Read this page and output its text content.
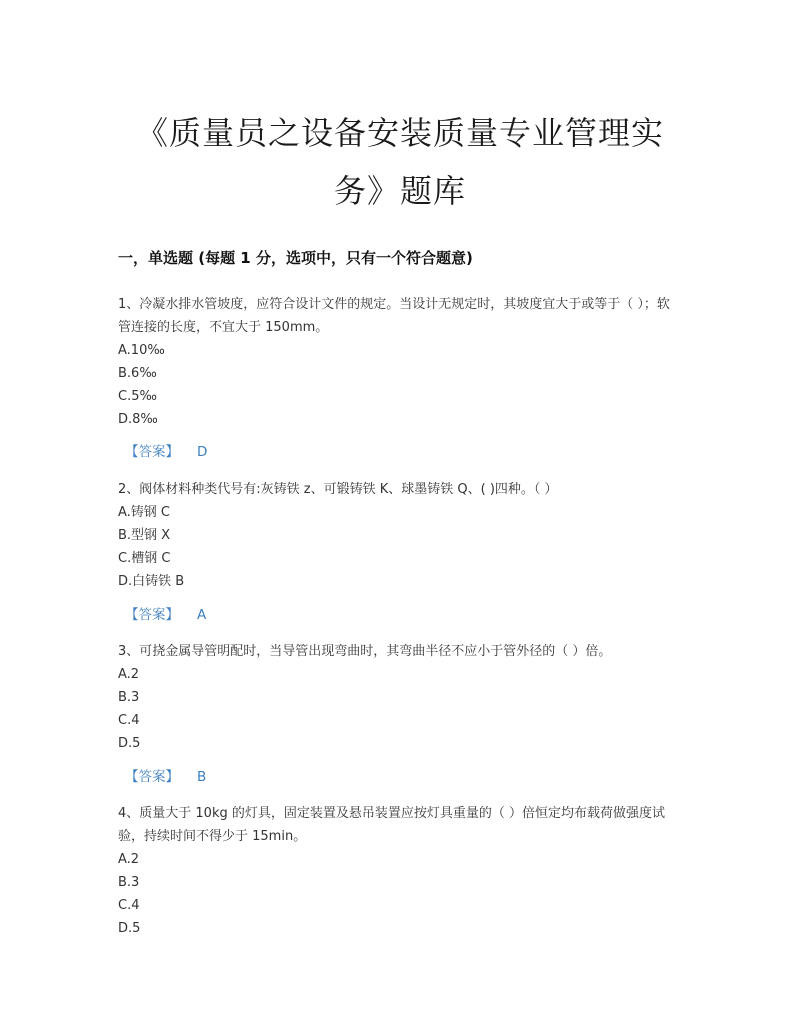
《质量员之设备安装质量专业管理实
务》题库
一，单选题 (每题 1 分，选项中，只有一个符合题意)

1、冷凝水排水管坡度，应符合设计文件的规定。当设计无规定时，其坡度宜大于或等于（ ）；软管连接的长度，不宜大于 150mm。

A.10‰

B.6‰

C.5‰

D.8‰

【答案】 D

2、阀体材料种类代号有:灰铸铁 z、可锻铸铁 K、球墨铸铁 Q、( )四种。（ ）

A.铸钢 C

B.型钢 X

C.槽钢 C

D.白铸铁 B

【答案】 A

3、可挠金属导管明配时，当导管出现弯曲时，其弯曲半径不应小于管外径的（ ）倍。

A.2

B.3

C.4

D.5

【答案】 B

4、质量大于 10kg 的灯具，固定装置及悬吊装置应按灯具重量的（ ）倍恒定均布载荷做强度试验，持续时间不得少于 15min。

A.2

B.3

C.4

D.5
